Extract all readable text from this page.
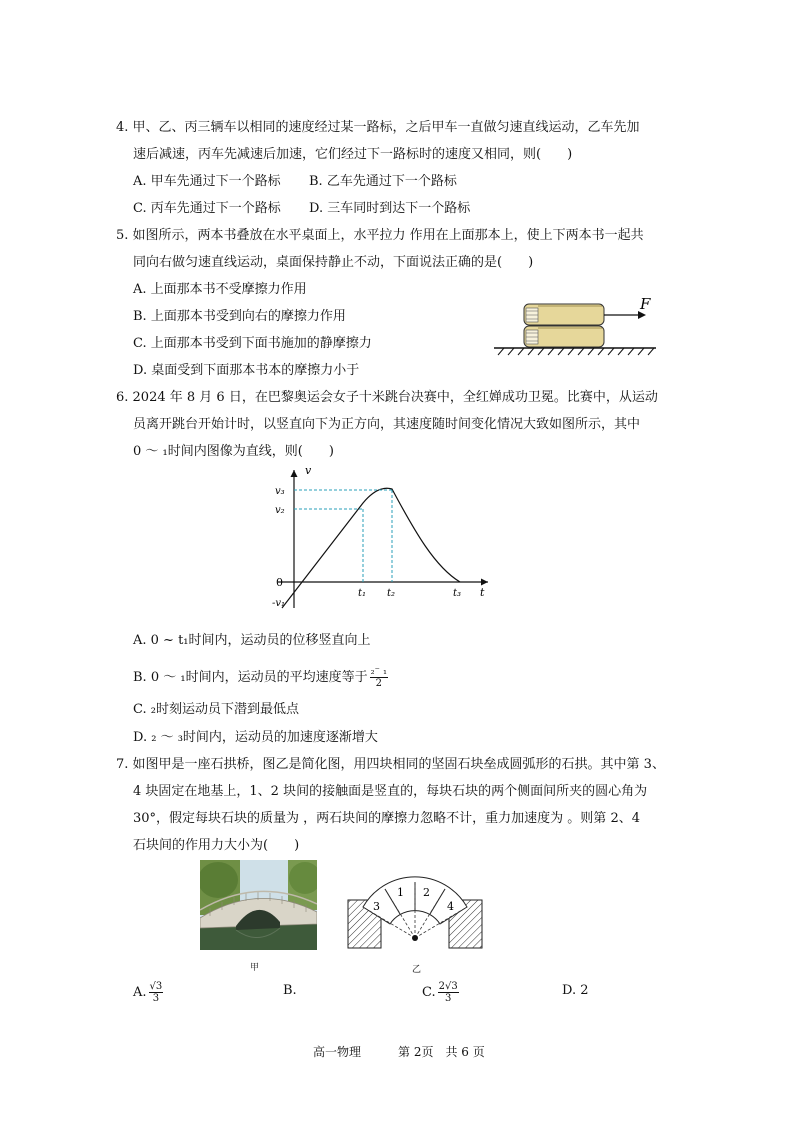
4. 甲、乙、丙三辆车以相同的速度经过某一路标，之后甲车一直做匀速直线运动，乙车先加
速后减速，丙车先减速后加速，它们经过下一路标时的速度又相同，则(　　)
A. 甲车先通过下一个路标 B. 乙车先通过下一个路标
C. 丙车先通过下一个路标 D. 三车同时到达下一个路标
5. 如图所示，两本书叠放在水平桌面上，水平拉力 作用在上面那本上，使上下两本书一起共
同向右做匀速直线运动，桌面保持静止不动，下面说法正确的是(　　)
A. 上面那本书不受摩擦力作用
B. 上面那本书受到向右的摩擦力作用
C. 上面那本书受到下面书施加的静摩擦力
D. 桌面受到下面那本书本的摩擦力小于
F
6. 2024 年 8 月 6 日，在巴黎奥运会女子十米跳台决赛中，全红婵成功卫冕。比赛中，从运动
员离开跳台开始计时，以竖直向下为正方向，其速度随时间变化情况大致如图所示，其中
0 ～ ₁时间内图像为直线，则(　　)
v
t
0
v₃
v₂
-v₁
t₁ t₂	t₃
A. 0 ~ t₁时间内，运动员的位移竖直向上
B. 0 ～ ₁时间内，运动员的平均速度等于 $\frac{\text{₂⁻ ₁}}{2}$
C. ₂时刻运动员下潜到最低点
D. ₂ ～ ₃时间内，运动员的加速度逐渐增大
7. 如图甲是一座石拱桥，图乙是简化图，用四块相同的坚固石块垒成圆弧形的石拱。其中第 3、
4 块固定在地基上，1、2 块间的接触面是竖直的，每块石块的两个侧面间所夹的圆心角为
30°，假定每块石块的质量为 ，两石块间的摩擦力忽略不计，重力加速度为 。则第 2、4
石块间的作用力大小为(　　)
甲
1 2
3	4
乙
A. $\frac{√3}{3}$	B.	C. $\frac{2√3}{3}$	D. 2
高一物理	第 2页　共 6 页
